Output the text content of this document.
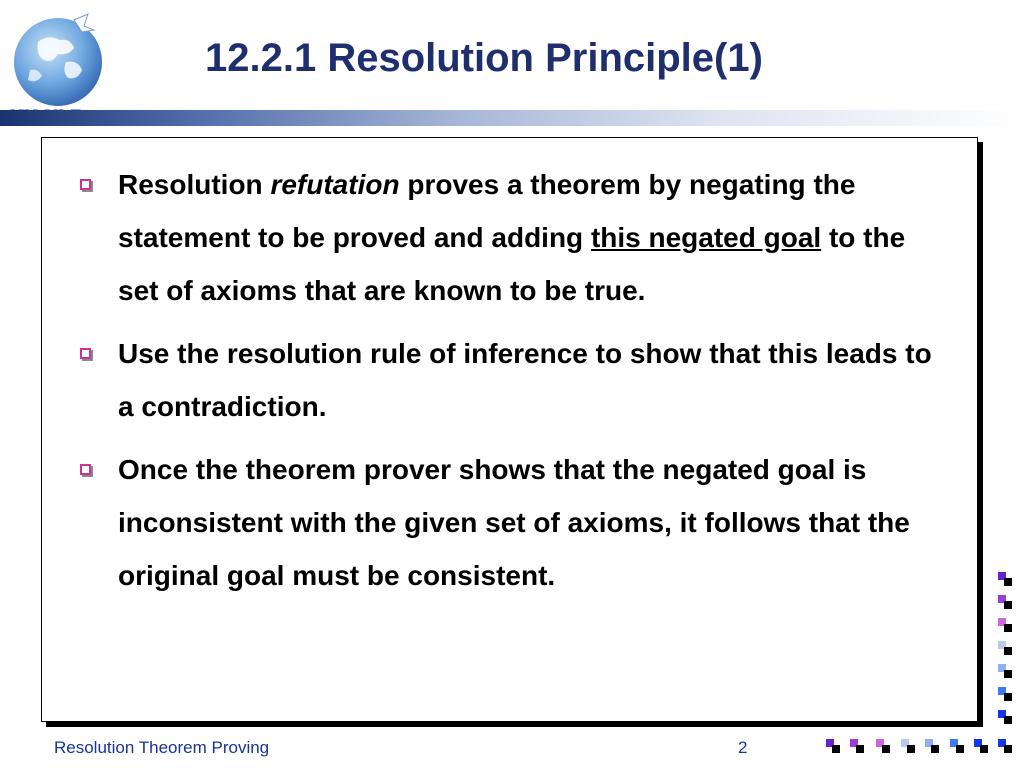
12.2.1 Resolution Principle(1)
Resolution refutation proves a theorem by negating the statement to be proved and adding this negated goal to the set of axioms that are known to be true.
Use the resolution rule of inference to show that this leads to a contradiction.
Once the theorem prover shows that the negated goal is inconsistent with the given set of axioms, it follows that the original goal must be consistent.
Resolution Theorem Proving	2
